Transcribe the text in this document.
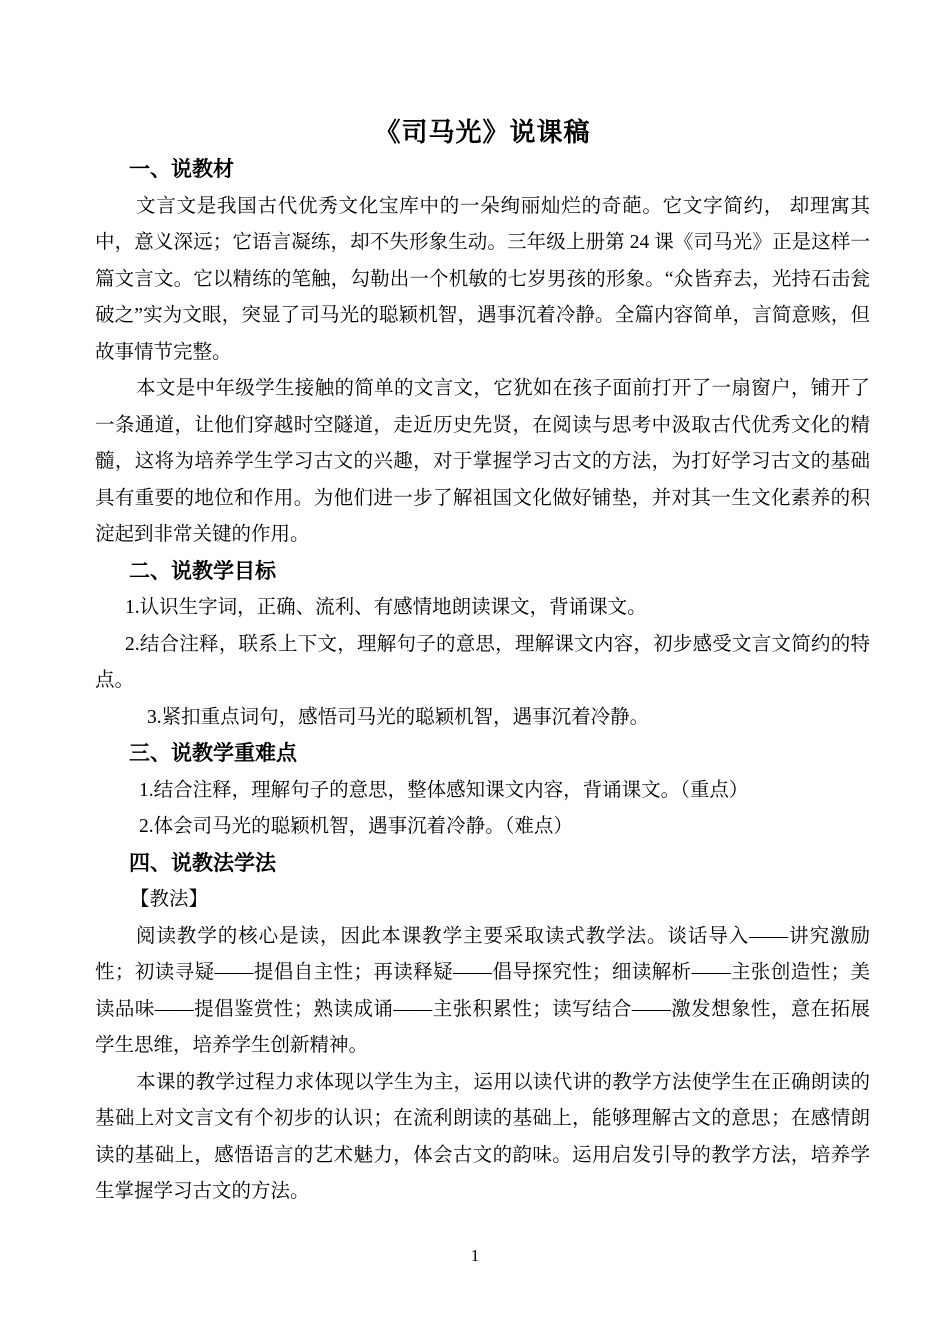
《司马光》说课稿
一、说教材

文言文是我国古代优秀文化宝库中的一朵绚丽灿烂的奇葩。它文字简约， 却理寓其中，意义深远；它语言凝练，却不失形象生动。三年级上册第 24 课《司马光》正是这样一篇文言文。它以精练的笔触，勾勒出一个机敏的七岁男孩的形象。“众皆弃去，光持石击瓮破之”实为文眼，突显了司马光的聪颖机智，遇事沉着冷静。全篇内容简单，言简意赅，但故事情节完整。

本文是中年级学生接触的简单的文言文，它犹如在孩子面前打开了一扇窗户，铺开了一条通道，让他们穿越时空隧道，走近历史先贤，在阅读与思考中汲取古代优秀文化的精髓，这将为培养学生学习古文的兴趣，对于掌握学习古文的方法，为打好学习古文的基础具有重要的地位和作用。为他们进一步了解祖国文化做好铺垫，并对其一生文化素养的积淀起到非常关键的作用。

二、说教学目标

1.认识生字词，正确、流利、有感情地朗读课文，背诵课文。

2.结合注释，联系上下文，理解句子的意思，理解课文内容，初步感受文言文简约的特点。

3.紧扣重点词句，感悟司马光的聪颖机智，遇事沉着冷静。

三、说教学重难点

1.结合注释，理解句子的意思，整体感知课文内容，背诵课文。（重点）

2.体会司马光的聪颖机智，遇事沉着冷静。（难点）

四、说教法学法

【教法】

阅读教学的核心是读，因此本课教学主要采取读式教学法。谈话导入——讲究激励性；初读寻疑——提倡自主性；再读释疑——倡导探究性；细读解析——主张创造性；美读品味——提倡鉴赏性；熟读成诵——主张积累性；读写结合——激发想象性，意在拓展学生思维，培养学生创新精神。

本课的教学过程力求体现以学生为主，运用以读代讲的教学方法使学生在正确朗读的基础上对文言文有个初步的认识；在流利朗读的基础上，能够理解古文的意思；在感情朗读的基础上，感悟语言的艺术魅力，体会古文的韵味。运用启发引导的教学方法，培养学生掌握学习古文的方法。

1
